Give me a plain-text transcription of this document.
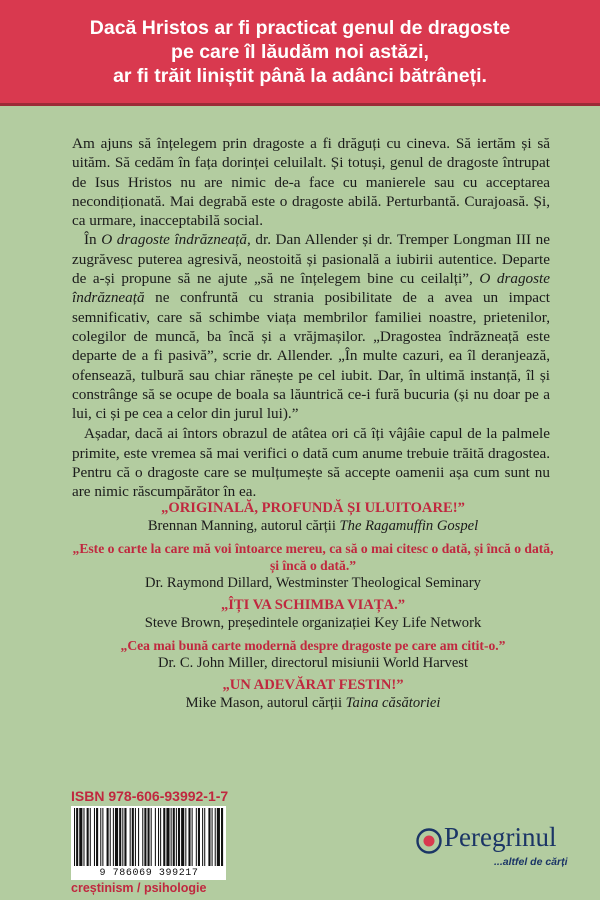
Dacă Hristos ar fi practicat genul de dragoste
pe care îl lăudăm noi astăzi,
ar fi trăit liniștit până la adânci bătrâneți.

Am ajuns să înțelegem prin dragoste a fi drăguți cu cineva. Să iertăm și să uităm. Să cedăm în fața dorinței celuilalt. Și totuși, genul de dragoste întrupat de Isus Hristos nu are nimic de-a face cu manierele sau cu acceptarea necondiționată. Mai degrabă este o dragoste abilă. Perturbantă. Curajoasă. Și, ca urmare, inacceptabilă social.

În O dragoste îndrăzneață, dr. Dan Allender și dr. Tremper Longman III ne zugrăvesc puterea agresivă, neostoită și pasională a iubirii autentice. Departe de a-și propune să ne ajute „să ne înțelegem bine cu ceilalți”, O dragoste îndrăzneață ne confruntă cu strania posibilitate de a avea un impact semnificativ, care să schimbe viața membrilor familiei noastre, prietenilor, colegilor de muncă, ba încă și a vrăjmașilor. „Dragostea îndrăzneață este departe de a fi pasivă”, scrie dr. Allender. „În multe cazuri, ea îl deranjează, ofensează, tulbură sau chiar rănește pe cel iubit. Dar, în ultimă instanță, îl și constrânge să se ocupe de boala sa lăuntrică ce-i fură bucuria (și nu doar pe a lui, ci și pe cea a celor din jurul lui).”

Așadar, dacă ai întors obrazul de atâtea ori că îți vâjâie capul de la palmele primite, este vremea să mai verifici o dată cum anume trebuie trăită dragostea. Pentru că o dragoste care se mulțumește să accepte oamenii așa cum sunt nu are nimic răscumpărător în ea.

„ORIGINALĂ, PROFUNDĂ ȘI ULUITOARE!”
Brennan Manning, autorul cărții The Ragamuffin Gospel
„Este o carte la care mă voi întoarce mereu, ca să o mai citesc o dată, și încă o dată, și încă o dată.”
Dr. Raymond Dillard, Westminster Theological Seminary
„ÎȚI VA SCHIMBA VIAȚA.”
Steve Brown, președintele organizației Key Life Network
„Cea mai bună carte modernă despre dragoste pe care am citit-o.”
Dr. C. John Miller, directorul misiunii World Harvest
„UN ADEVĂRAT FESTIN!”
Mike Mason, autorul cărții Taina căsătoriei
ISBN 978-606-93992-1-7
9 786069 399217
creștinism / psihologie
Peregrinul
...altfel de cărți
